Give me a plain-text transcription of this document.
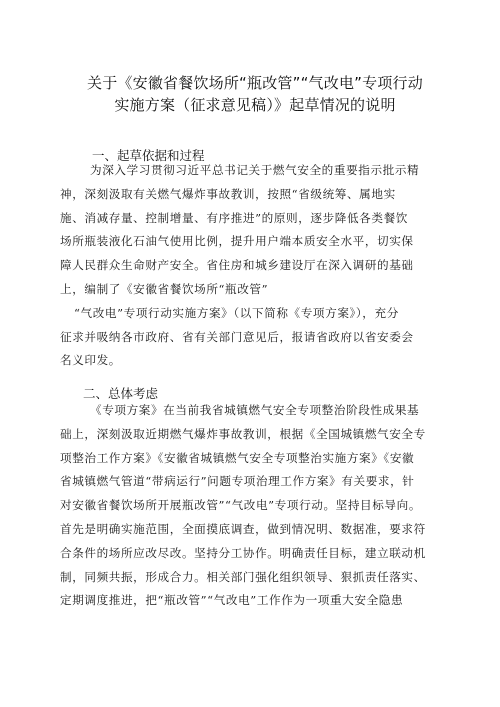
关于《安徽省餐饮场所“瓶改管”“气改电”专项行动
实施方案（征求意见稿）》起草情况的说明
一、起草依据和过程
为深入学习贯彻习近平总书记关于燃气安全的重要指示批示精
神，深刻汲取有关燃气爆炸事故教训，按照“省级统筹、属地实
施、消减存量、控制增量、有序推进”的原则，逐步降低各类餐饮
场所瓶装液化石油气使用比例，提升用户端本质安全水平，切实保
障人民群众生命财产安全。省住房和城乡建设厅在深入调研的基础
上，编制了《安徽省餐饮场所“瓶改管”
“气改电”专项行动实施方案》（以下简称《专项方案》），充分
征求并吸纳各市政府、省有关部门意见后，报请省政府以省安委会
名义印发。
二、总体考虑
《专项方案》在当前我省城镇燃气安全专项整治阶段性成果基
础上，深刻汲取近期燃气爆炸事故教训，根据《全国城镇燃气安全专
项整治工作方案》《安徽省城镇燃气安全专项整治实施方案》《安徽
省城镇燃气管道“带病运行”问题专项治理工作方案》有关要求，针
对安徽省餐饮场所开展瓶改管”“气改电”专项行动。坚持目标导向。
首先是明确实施范围，全面摸底调查，做到情况明、数据准，要求符
合条件的场所应改尽改。坚持分工协作。明确责任目标，建立联动机
制，同频共振，形成合力。相关部门强化组织领导、狠抓责任落实、
定期调度推进，把“瓶改管”“气改电”工作作为一项重大安全隐患
